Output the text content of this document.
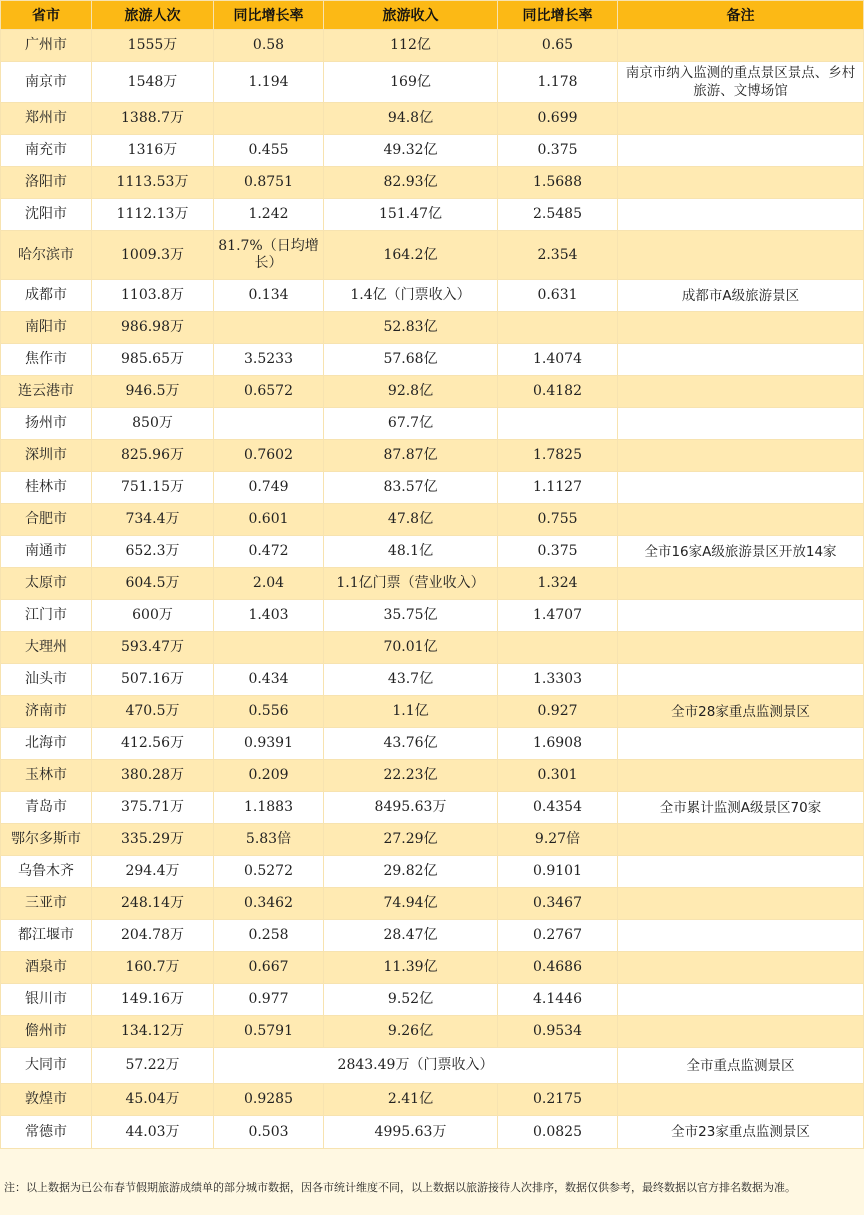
省市	旅游人次	同比增长率	旅游收入	同比增长率	备注
广州市	1555万	0.58	112亿	0.65	
南京市	1548万	1.194	169亿	1.178	南京市纳入监测的重点景区景点、乡村旅游、文博场馆
郑州市	1388.7万		94.8亿	0.699	
南充市	1316万	0.455	49.32亿	0.375	
洛阳市	1113.53万	0.8751	82.93亿	1.5688	
沈阳市	1112.13万	1.242	151.47亿	2.5485	
哈尔滨市	1009.3万	81.7%（日均增长）	164.2亿	2.354	
成都市	1103.8万	0.134	1.4亿（门票收入）	0.631	成都市A级旅游景区
南阳市	986.98万		52.83亿		
焦作市	985.65万	3.5233	57.68亿	1.4074	
连云港市	946.5万	0.6572	92.8亿	0.4182	
扬州市	850万		67.7亿		
深圳市	825.96万	0.7602	87.87亿	1.7825	
桂林市	751.15万	0.749	83.57亿	1.1127	
合肥市	734.4万	0.601	47.8亿	0.755	
南通市	652.3万	0.472	48.1亿	0.375	全市16家A级旅游景区开放14家
太原市	604.5万	2.04	1.1亿门票（营业收入）	1.324	
江门市	600万	1.403	35.75亿	1.4707	
大理州	593.47万		70.01亿		
汕头市	507.16万	0.434	43.7亿	1.3303	
济南市	470.5万	0.556	1.1亿	0.927	全市28家重点监测景区
北海市	412.56万	0.9391	43.76亿	1.6908	
玉林市	380.28万	0.209	22.23亿	0.301	
青岛市	375.71万	1.1883	8495.63万	0.4354	全市累计监测A级景区70家
鄂尔多斯市	335.29万	5.83倍	27.29亿	9.27倍	
乌鲁木齐	294.4万	0.5272	29.82亿	0.9101	
三亚市	248.14万	0.3462	74.94亿	0.3467	
都江堰市	204.78万	0.258	28.47亿	0.2767	
酒泉市	160.7万	0.667	11.39亿	0.4686	
银川市	149.16万	0.977	9.52亿	4.1446	
儋州市	134.12万	0.5791	9.26亿	0.9534	
大同市	57.22万	2843.49万（门票收入）			全市重点监测景区
敦煌市	45.04万	0.9285	2.41亿	0.2175	
常德市	44.03万	0.503	4995.63万	0.0825	全市23家重点监测景区
注：以上数据为已公布春节假期旅游成绩单的部分城市数据，因各市统计维度不同，以上数据以旅游接待人次排序，数据仅供参考，最终数据以官方排名数据为准。
